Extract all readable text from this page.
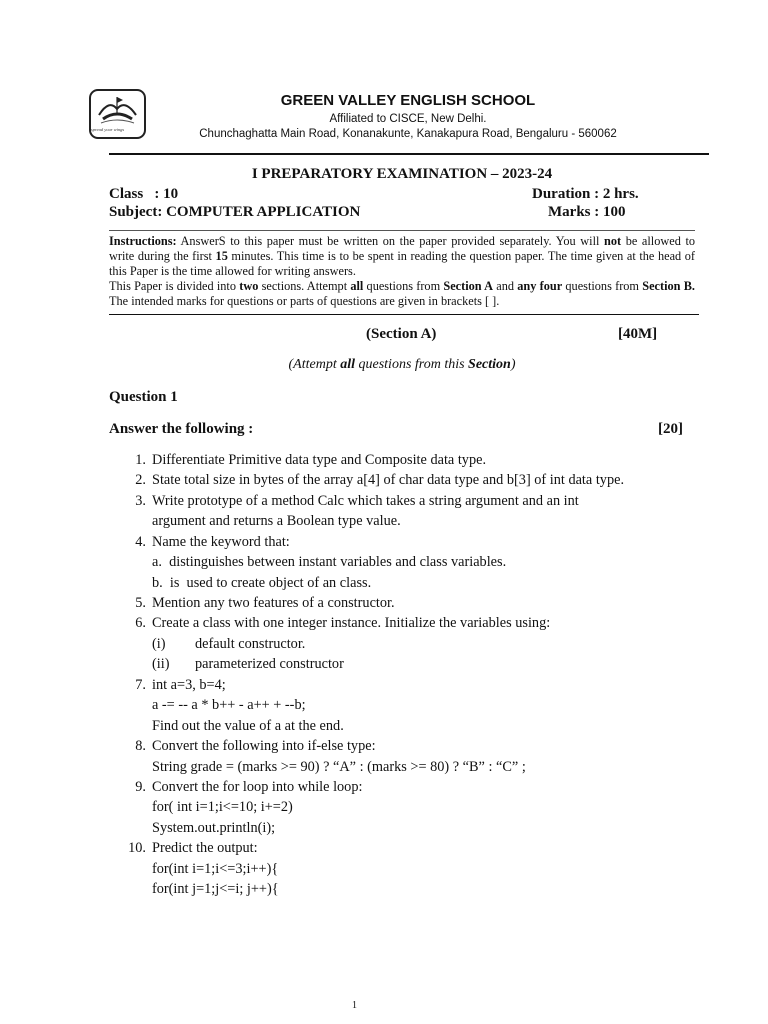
spread your wings
GREEN VALLEY ENGLISH SCHOOL
Affiliated to CISCE, New Delhi.
Chunchaghatta Main Road, Konanakunte, Kanakapura Road, Bengaluru - 560062
I PREPARATORY EXAMINATION – 2023-24
Class   : 10	Duration : 2 hrs.
Subject: COMPUTER APPLICATION	Marks : 100
Instructions: AnswerS to this paper must be written on the paper provided separately. You will not be allowed to write during the first 15 minutes. This time is to be spent in reading the question paper. The time given at the head of this Paper is the time allowed for writing answers.
This Paper is divided into two sections. Attempt all questions from Section A and any four questions from Section B. The intended marks for questions or parts of questions are given in brackets [ ].
(Section A)	[40M]
(Attempt all questions from this Section)
Question 1
Answer the following :	[20]
1. Differentiate Primitive data type and Composite data type.
2. State total size in bytes of the array a[4] of char data type and b[3] of int data type.
3. Write prototype of a method Calc which takes a string argument and an int
argument and returns a Boolean type value.
4. Name the keyword that:
a.  distinguishes between instant variables and class variables.
b.  is  used to create object of an class.
5. Mention any two features of a constructor.
6. Create a class with one integer instance. Initialize the variables using:
(i) default constructor.
(ii) parameterized constructor
7. int a=3, b=4;
a -= -- a * b++ - a++ + --b;
Find out the value of a at the end.
8. Convert the following into if-else type:
String grade = (marks >= 90) ? “A” : (marks >= 80) ? “B” : “C” ;
9. Convert the for loop into while loop:
for( int i=1;i<=10; i+=2)
System.out.println(i);
10. Predict the output:
for(int i=1;i<=3;i++){
for(int j=1;j<=i; j++){
1
